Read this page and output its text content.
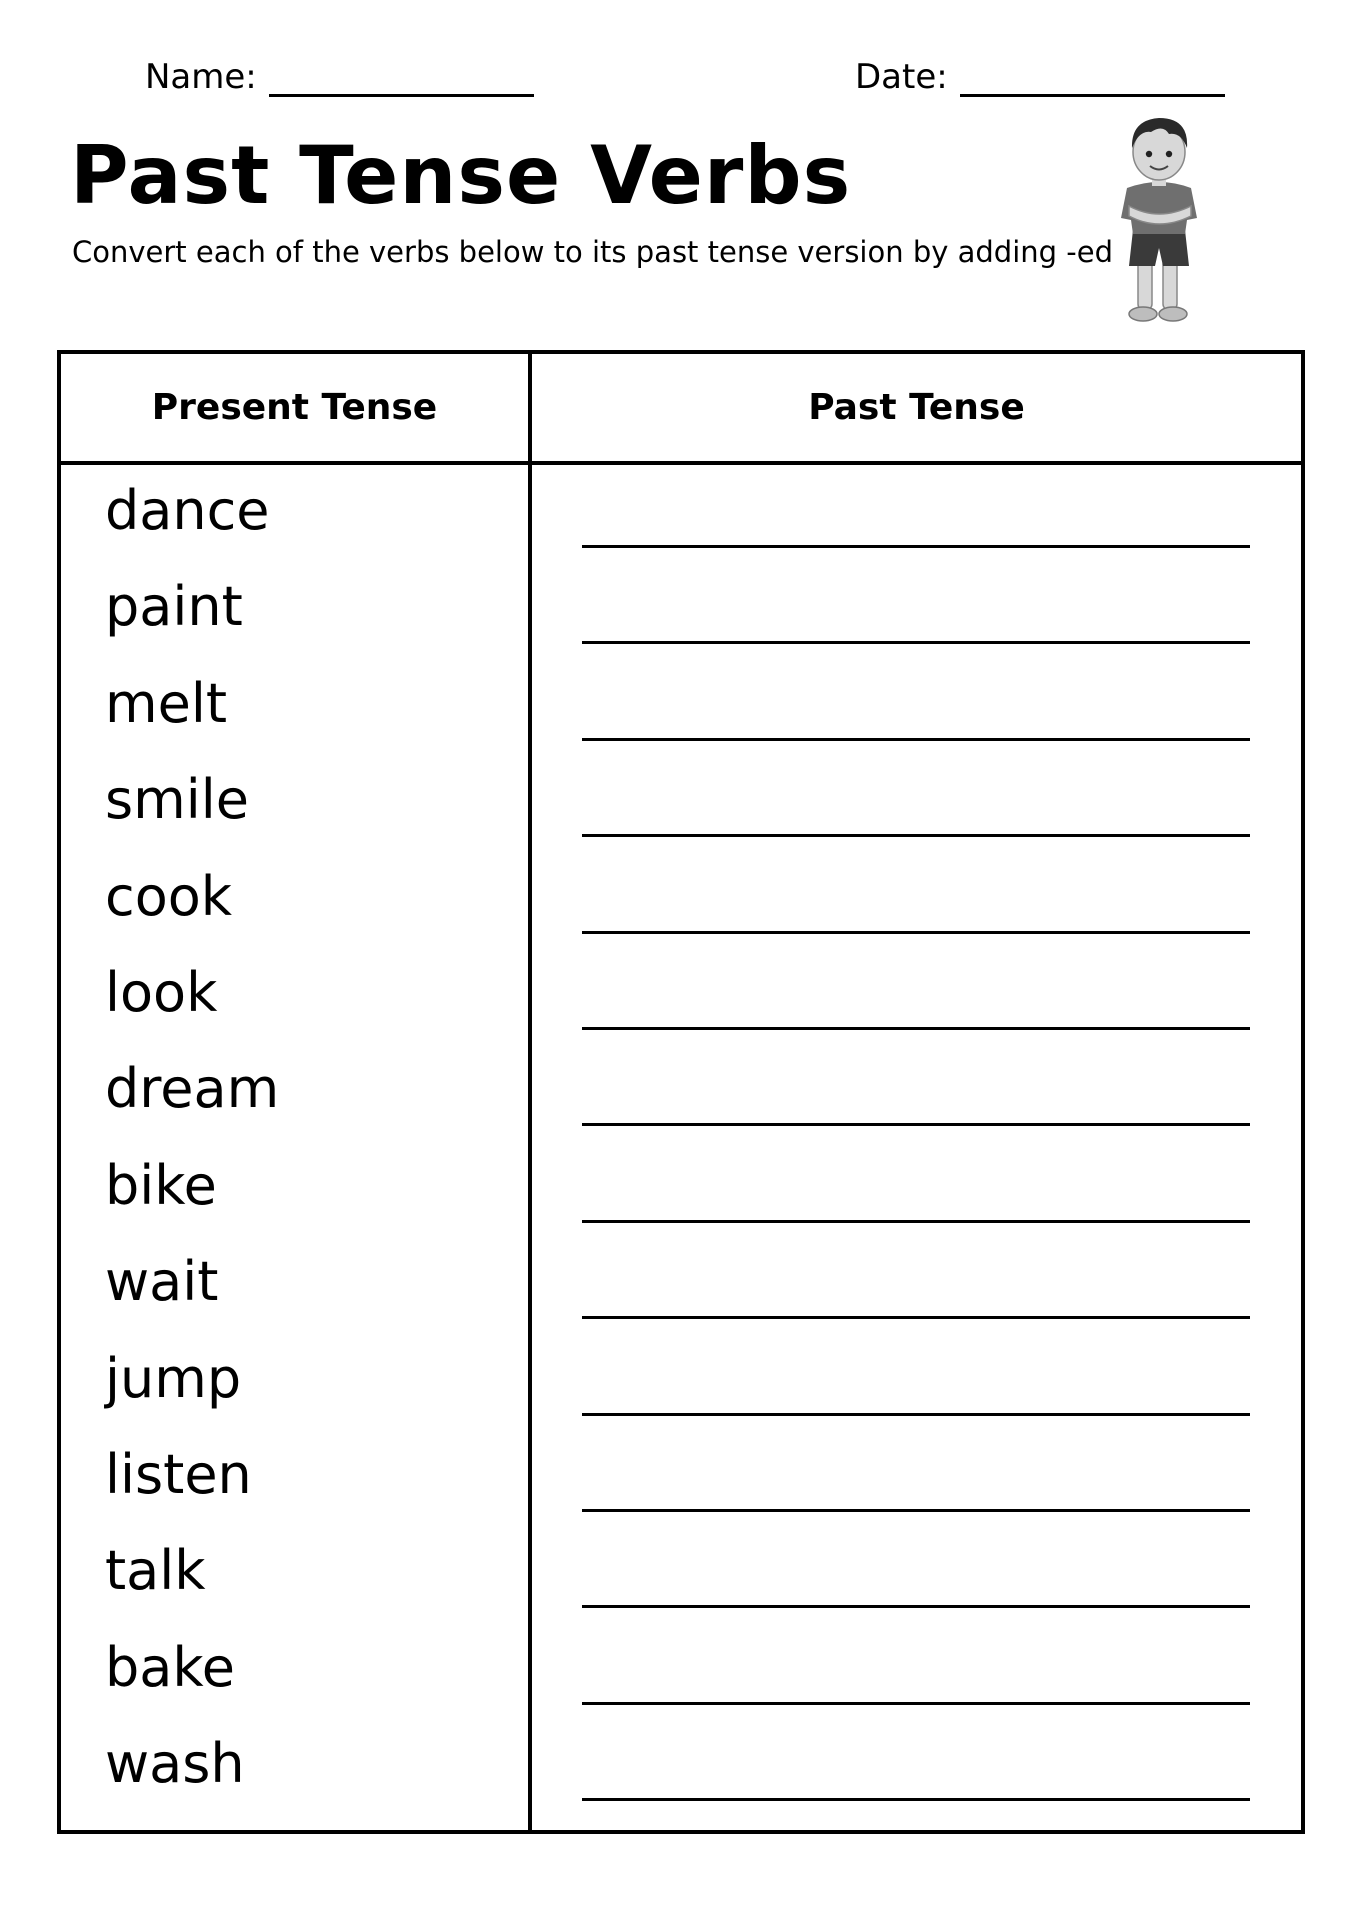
Name:	Date:
Past Tense Verbs
Convert each of the verbs below to its past tense version by adding -ed
Present Tense	Past Tense
dance
paint
melt
smile
cook
look
dream
bike
wait
jump
listen
talk
bake
wash
